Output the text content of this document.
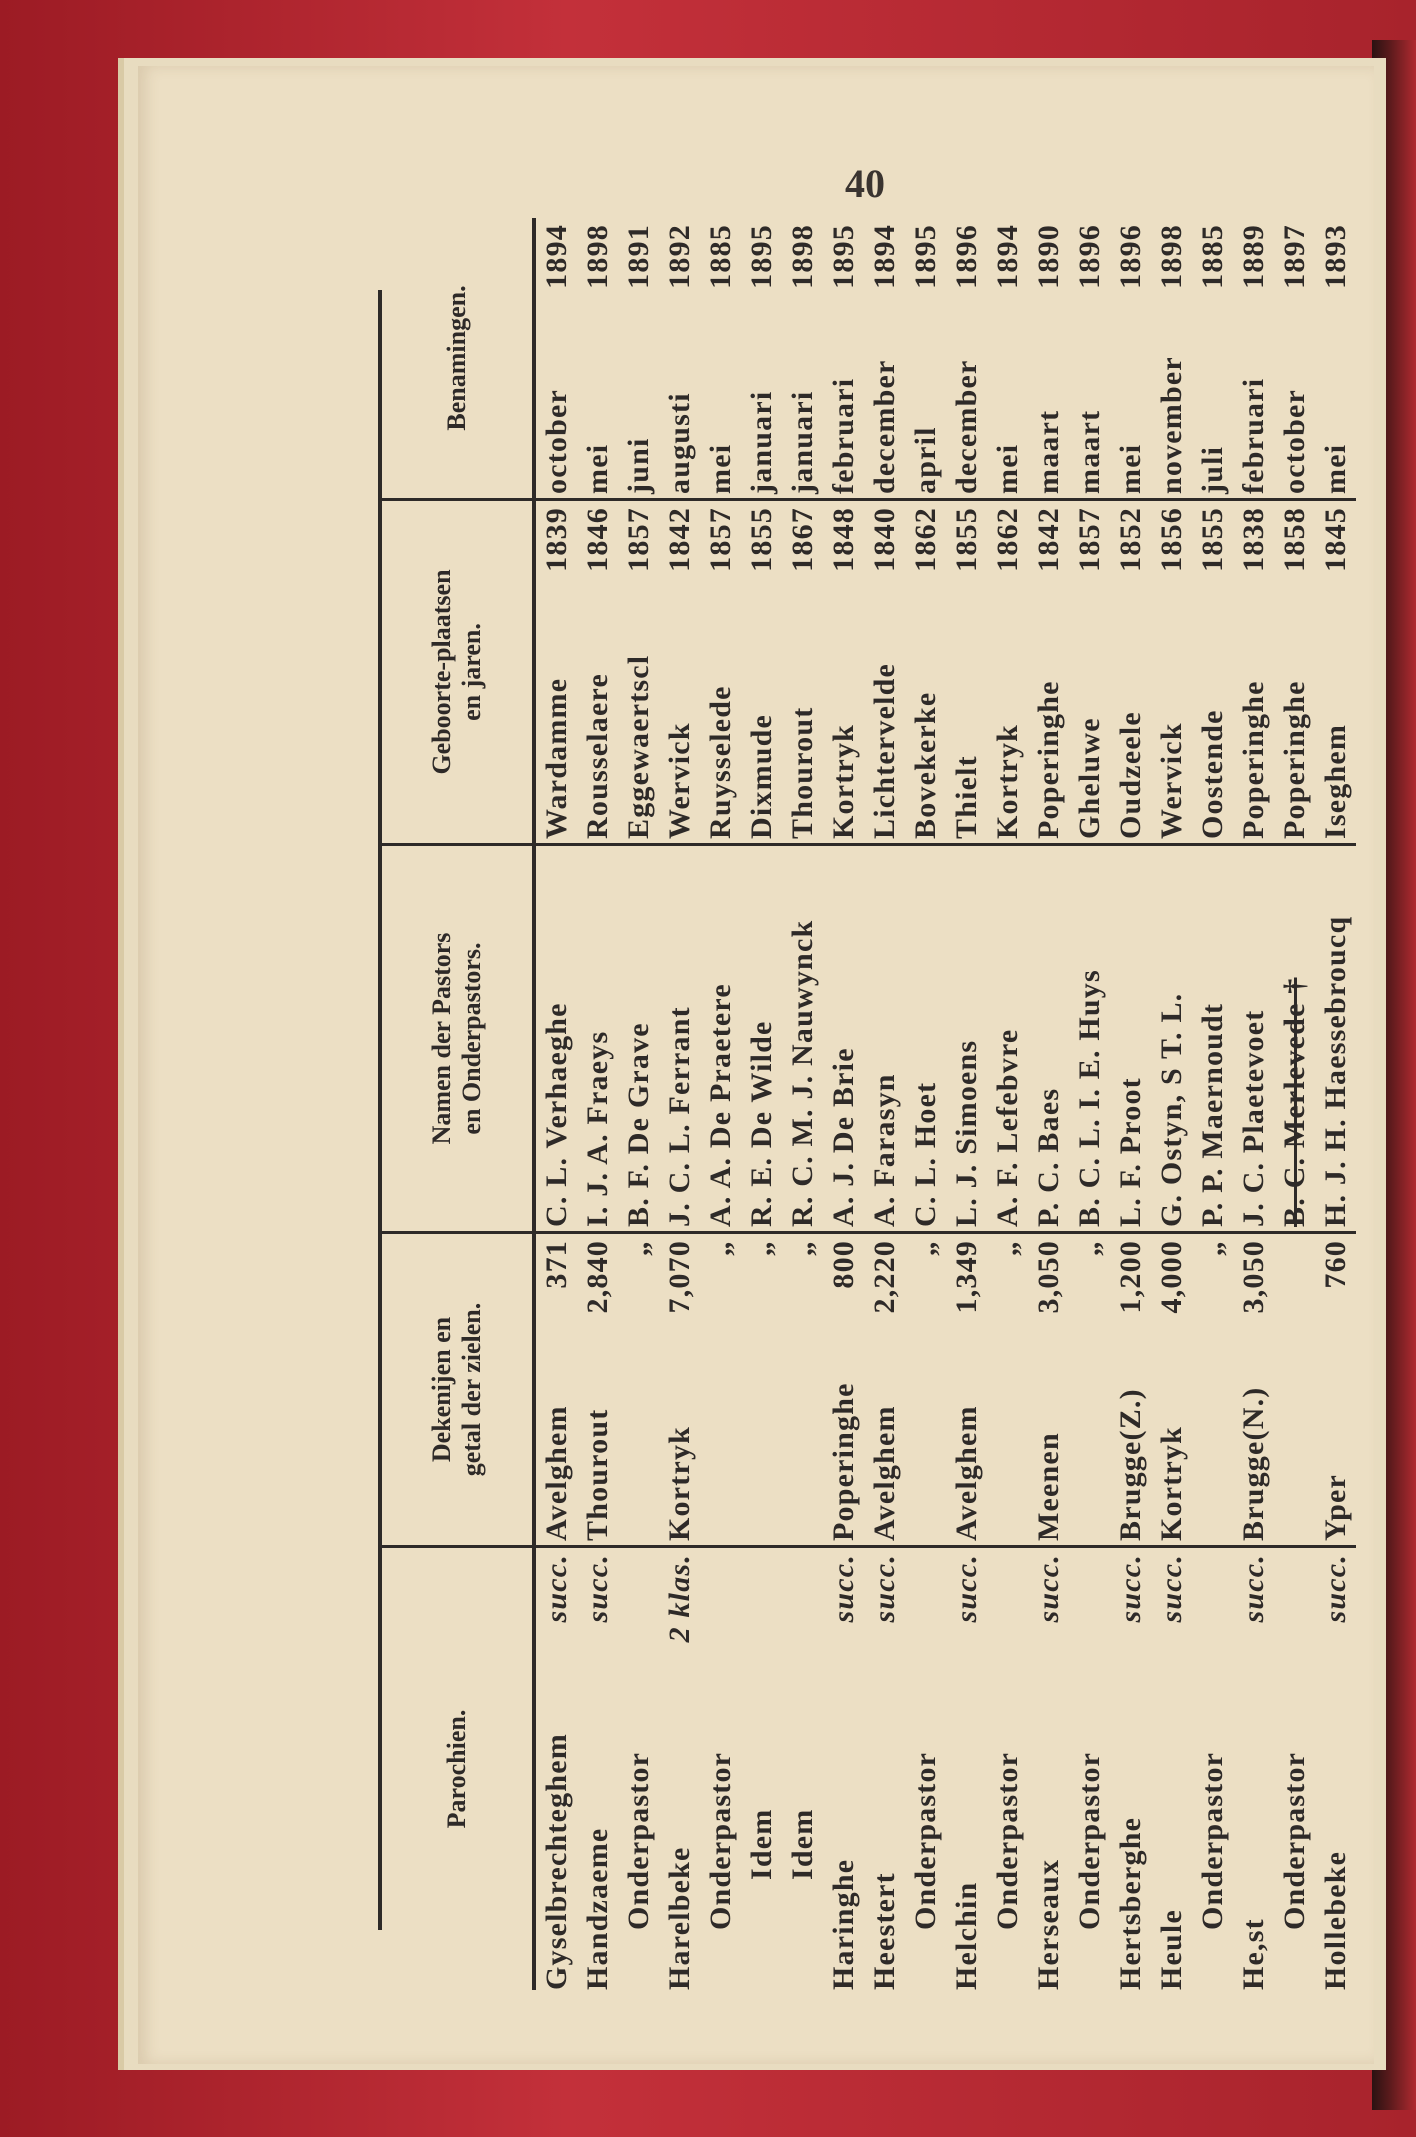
40
Parochien.
Dekenijen en getal der zielen.
Namen der Pastors en Onderpastors.
Geboorte-plaatsen en jaren.
Benamingen.
Gyselbrechteghem
succ.
Avelghem
371
C. L. Verhaeghe
Wardamme
1839
october
1894
Handzaeme
succ.
Thourout
2,840
I. J. A. Fraeys
Rousselaere
1846
mei
1898
Onderpastor
„
B. F. De Grave
Eggewaertscl
1857
juni
1891
Harelbeke
2 klas.
Kortryk
7,070
J. C. L. Ferrant
Wervick
1842
augusti
1892
Onderpastor
„
A. A. De Praetere
Ruysselede
1857
mei
1885
Idem
„
R. E. De Wilde
Dixmude
1855
januari
1895
Idem
„
R. C. M. J. Nauwynck
Thourout
1867
januari
1898
Haringhe
succ.
Poperinghe
800
A. J. De Brie
Kortryk
1848
februari
1895
Heestert
succ.
Avelghem
2,220
A. Farasyn
Lichtervelde
1840
december
1894
Onderpastor
„
C. L. Hoet
Bovekerke
1862
april
1895
Helchin
succ.
Avelghem
1,349
L. J. Simoens
Thielt
1855
december
1896
Onderpastor
„
A. F. Lefebvre
Kortryk
1862
mei
1894
Herseaux
succ.
Meenen
3,050
P. C. Baes
Poperinghe
1842
maart
1890
Onderpastor
„
B. C. L. I. E. Huys
Gheluwe
1857
maart
1896
Hertsberghe
succ.
Brugge(Z.)
1,200
L. F. Proot
Oudzeele
1852
mei
1896
Heule
succ.
Kortryk
4,000
G. Ostyn, S T. L.
Wervick
1856
november
1898
Onderpastor
„
P. P. Maernoudt
Oostende
1855
juli
1885
He,st
succ.
Brugge(N.)
3,050
J. C. Plaetevoet
Poperinghe
1838
februari
1889
Onderpastor
B. C. Merlevede †
Poperinghe
1858
october
1897
Hollebeke
succ.
Yper
760
H. J. H. Haessebroucq
Iseghem
1845
mei
1893
